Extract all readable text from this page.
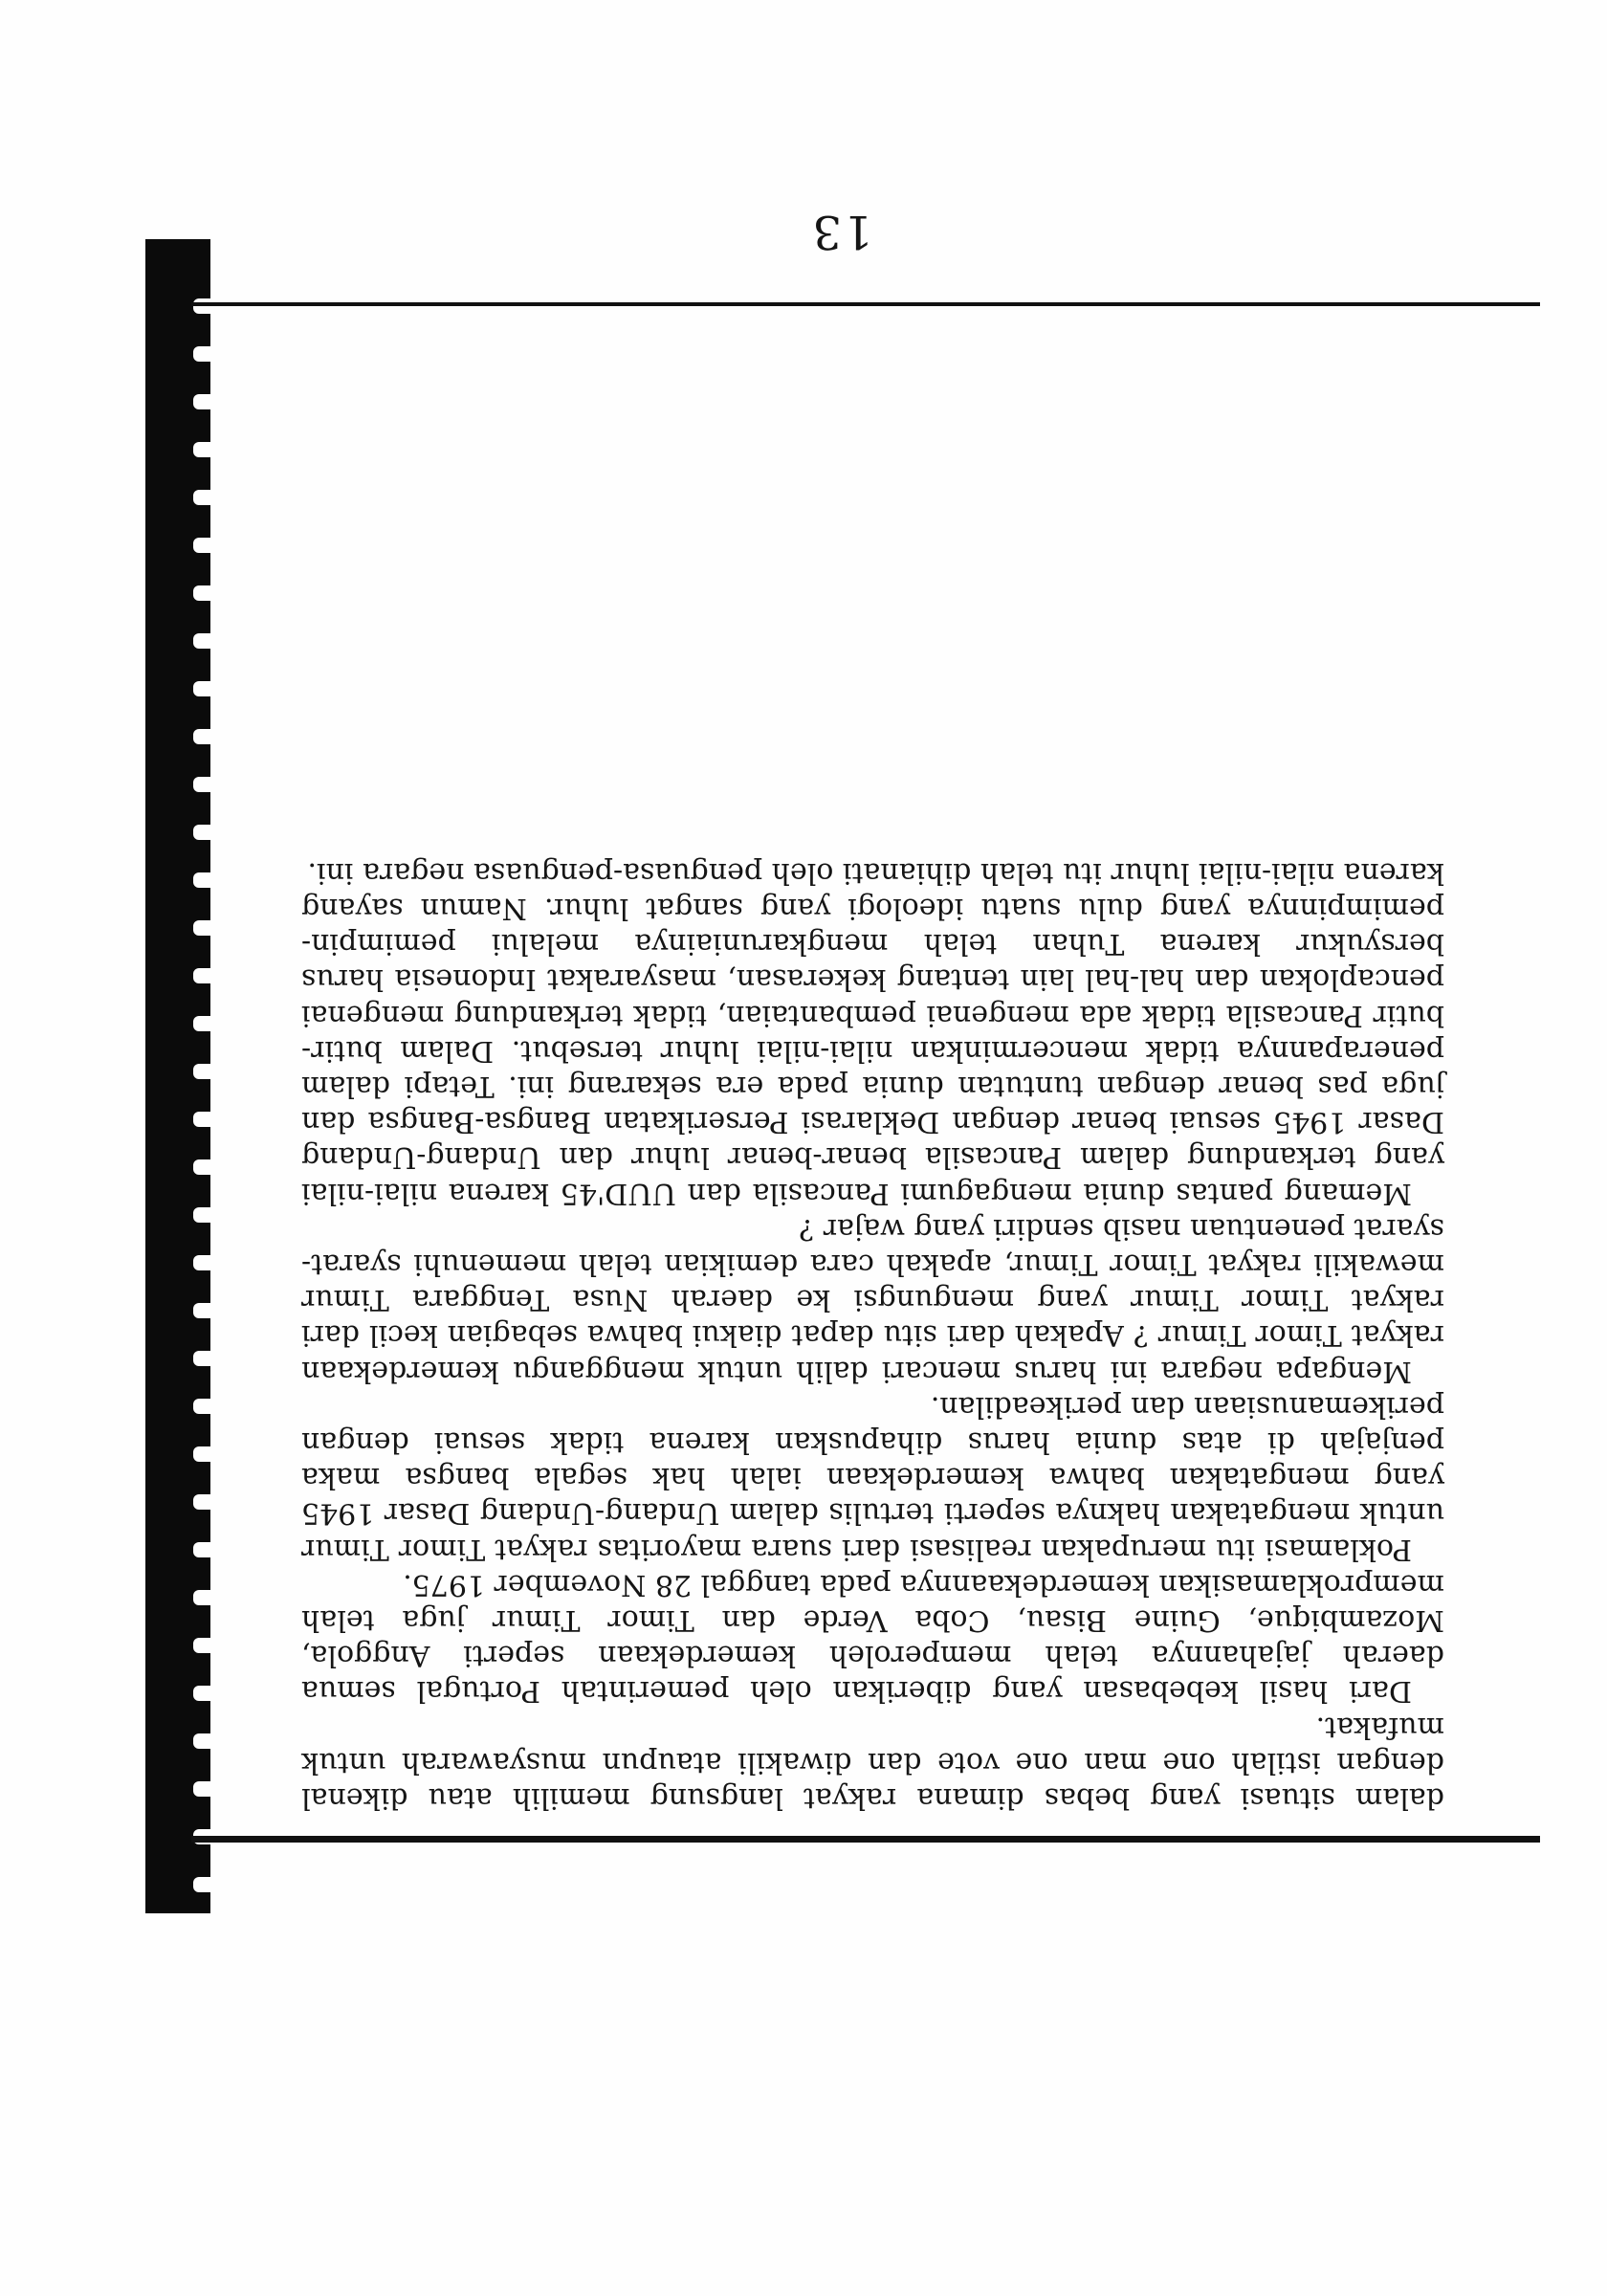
dalam situasi yang bebas dimana rakyat langsung memilih atau dikenal dengan istilah one man one vote dan diwakili ataupun musyawarah untuk mufakat.

Dari hasil kebebasan yang diberikan oleh pemerintah Portugal semua daerah jajahannya telah memperoleh kemerdekaan seperti Anggola, Mozambique, Guine Bisau, Coba Verde dan Timor Timur juga telah memproklamasikan kemerdekaannya pada tanggal 28 November 1975.

Poklamasi itu merupakan realisasi dari suara mayoritas rakyat Timor Timur untuk mengatakan haknya seperti tertulis dalam Undang-Undang Dasar 1945 yang mengatakan bahwa kemerdekaan ialah hak segala bangsa maka penjajah di atas dunia harus dihapuskan karena tidak sesuai dengan perikemanusiaan dan perikeadilan.

Mengapa negara ini harus mencari dalih untuk menggangu kemerdekaan rakyat Timor Timur ? Apakah dari situ dapat diakui bahwa sebagian kecil dari rakyat Timor Timur yang mengungsi ke daerah Nusa Tenggara Timur mewakili rakyat Timor Timur, apakah cara demikian telah memenuhi syarat-syarat penentuan nasib sendiri yang wajar ?

Memang pantas dunia mengagumi Pancasila dan UUD'45 karena nilai-nilai yang terkandung dalam Pancasila benar-benar luhur dan Undang-Undang Dasar 1945 sesuai benar dengan Deklarasi Perserikatan Bangsa-Bangsa dan juga pas benar dengan tuntutan dunia pada era sekarang ini. Tetapi dalam penerapannya tidak mencerminkan nilai-nilai luhur tersebut. Dalam butir-butir Pancasila tidak ada mengenai pembantaian, tidak terkandung mengenai pencaplokan dan hal-hal lain tentang kekerasan, masyarakat Indonesia harus bersyukur karena Tuhan telah mengkaruniainya melalui pemimpin-pemimpinnya yang dulu suatu ideologi yang sangat luhur. Namun sayang karena nilai-nilai luhur itu telah dihianati oleh penguasa-penguasa negara ini.

13
